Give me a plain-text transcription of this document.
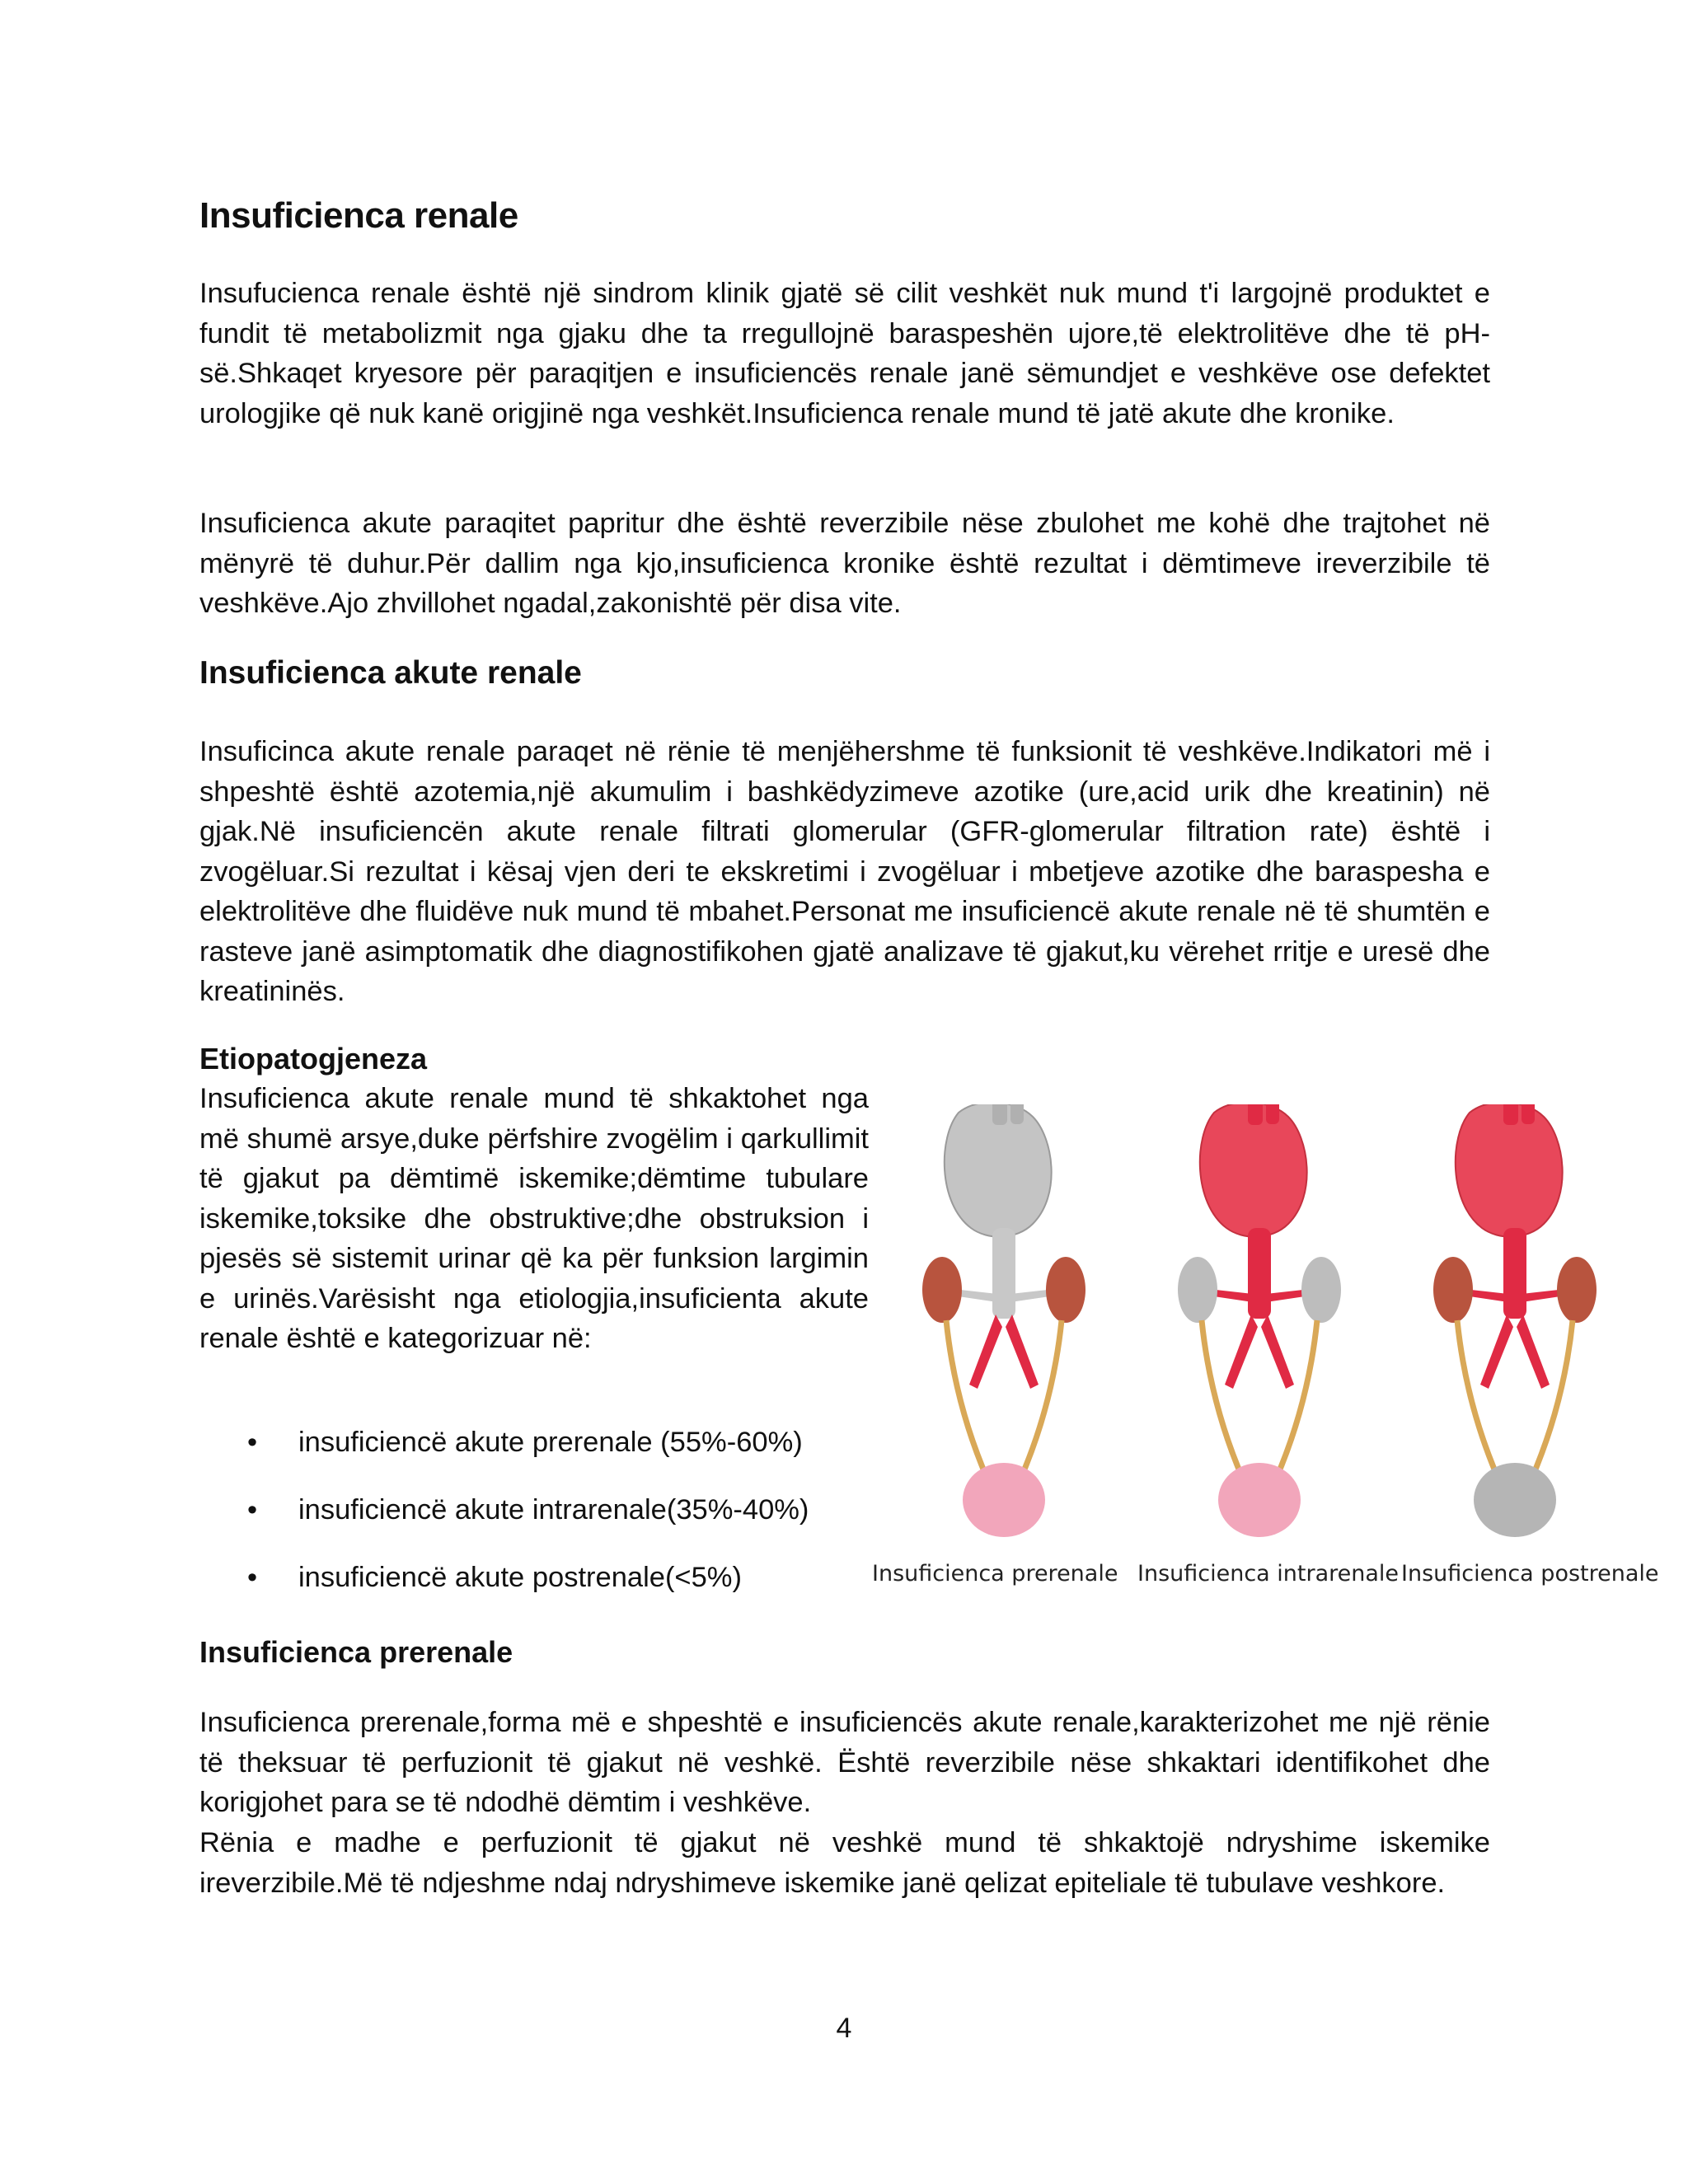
Insuficienca renale

Insufucienca renale është një sindrom klinik gjatë së cilit veshkët nuk mund t'i largojnë produktet e fundit të metabolizmit nga gjaku dhe ta rregullojnë baraspeshën ujore,të elektrolitëve dhe të pH-së.Shkaqet kryesore për paraqitjen e insuficiencës renale janë sëmundjet e veshkëve ose defektet urologjike që nuk kanë origjinë nga veshkët.Insuficienca renale mund të jatë akute dhe kronike.

Insuficienca akute paraqitet papritur dhe është reverzibile nëse zbulohet me kohë dhe trajtohet në mënyrë të duhur.Për dallim nga kjo,insuficienca kronike është rezultat i dëmtimeve ireverzibile të veshkëve.Ajo zhvillohet ngadal,zakonishtë për disa vite.

Insuficienca akute renale

Insuficinca akute renale paraqet në rënie të menjëhershme të funksionit të veshkëve.Indikatori më i shpeshtë është azotemia,një akumulim i bashkëdyzimeve azotike (ure,acid urik dhe kreatinin) në gjak.Në insuficiencën akute renale filtrati glomerular (GFR-glomerular filtration rate) është i zvogëluar.Si rezultat i kësaj vjen deri te ekskretimi i zvogëluar i mbetjeve azotike dhe baraspesha e elektrolitëve dhe fluidëve nuk mund të mbahet.Personat me insuficiencë akute renale në të shumtën e rasteve janë asimptomatik dhe diagnostifikohen gjatë analizave të gjakut,ku vërehet rritje e uresë dhe kreatininës.

Etiopatogjeneza

Insuficienca akute renale mund të shkaktohet nga më shumë arsye,duke përfshire zvogëlim i qarkullimit të gjakut pa dëmtimë iskemike;dëmtime tubulare iskemike,toksike dhe obstruktive;dhe obstruksion i pjesës së sistemit urinar që ka për funksion largimin e urinës.Varësisht nga etiologjia,insuficienta akute renale është e kategorizuar në:

• insuficiencë akute prerenale (55%-60%)
• insuficiencë akute intrarenale(35%-40%)
• insuficiencë akute postrenale(<5%)	Insuficienca prerenale Insuficienca intrarenale Insuficienca postrenale
Insuficienca prerenale

Insuficienca prerenale,forma më e shpeshtë e insuficiencës akute renale,karakterizohet me një rënie të theksuar të perfuzionit të gjakut në veshkë. Është reverzibile nëse shkaktari identifikohet dhe korigjohet para se të ndodhë dëmtim i veshkëve.

Rënia e madhe e perfuzionit të gjakut në veshkë mund të shkaktojë ndryshime iskemike ireverzibile.Më të ndjeshme ndaj ndryshimeve iskemike janë qelizat epiteliale të tubulave veshkore.

4
